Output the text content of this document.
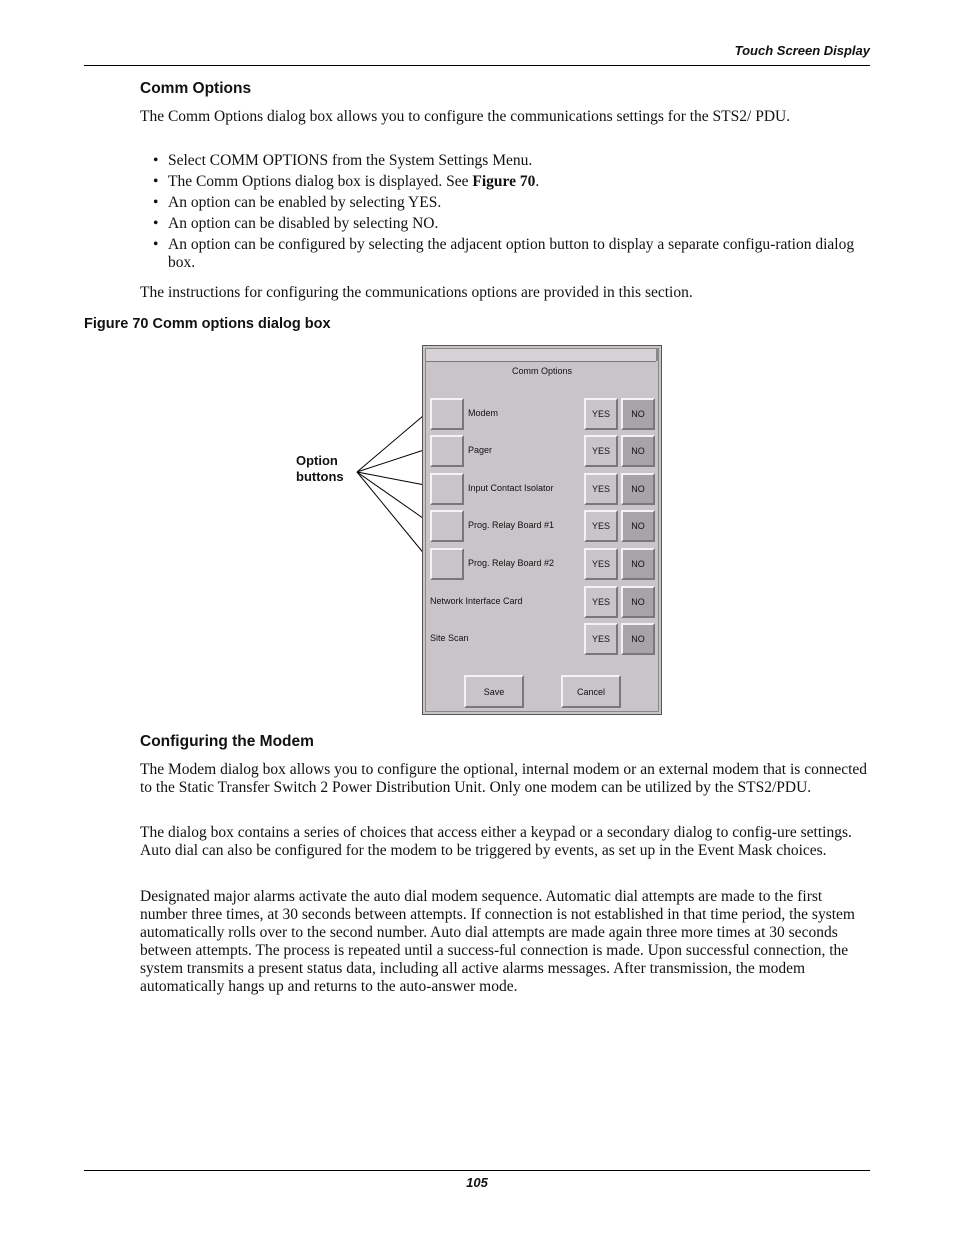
Touch Screen Display
Comm Options

The Comm Options dialog box allows you to configure the communications settings for the STS2/ PDU.

• Select COMM OPTIONS from the System Settings Menu.
• The Comm Options dialog box is displayed. See Figure 70.
• An option can be enabled by selecting YES.
• An option can be disabled by selecting NO.
• An option can be configured by selecting the adjacent option button to display a separate configu-ration dialog box.

The instructions for configuring the communications options are provided in this section.

Figure 70 Comm options dialog box
Option
buttons
Comm Options
Modem	YES	NO
Pager	YES	NO
Input Contact Isolator	YES	NO
Prog. Relay Board #1	YES	NO
Prog. Relay Board #2	YES	NO
Network Interface Card	YES	NO
Site Scan	YES	NO
Save	Cancel
Configuring the Modem

The Modem dialog box allows you to configure the optional, internal modem or an external modem that is connected to the Static Transfer Switch 2 Power Distribution Unit. Only one modem can be utilized by the STS2/PDU.

The dialog box contains a series of choices that access either a keypad or a secondary dialog to config-ure settings. Auto dial can also be configured for the modem to be triggered by events, as set up in the Event Mask choices.

Designated major alarms activate the auto dial modem sequence. Automatic dial attempts are made to the first number three times, at 30 seconds between attempts. If connection is not established in that time period, the system automatically rolls over to the second number. Auto dial attempts are made again three more times at 30 seconds between attempts. The process is repeated until a success-ful connection is made. Upon successful connection, the system transmits a present status data, including all active alarms messages. After transmission, the modem automatically hangs up and returns to the auto-answer mode.

105
